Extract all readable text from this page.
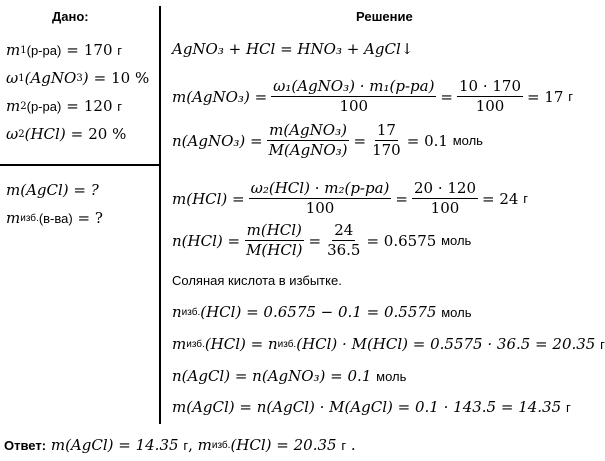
Дано:	Решение
m 1 (р-ра) = 170
г
ω 1 (AgNO 3 ) = 10
%
m 2 (р-ра) = 120
г
ω 2 (HCl) = 20
%
m(AgCl) = ?
m изб. (в-ва)
= ?
AgNO₃ + HCl = HNO₃ + AgCl↓
m(AgNO₃) = $\frac{\text{ω₁(AgNO₃) · m₁(р-ра)}}{100} = \frac{10 \cdot 170}{100} = 17$
г
n(AgNO₃) = $\frac{\text{m(AgNO₃)}}{\text{M(AgNO₃)}} = \frac{17}{170} = 0.1$
моль
$m(HCl) = \frac{\text{ω₂(HCl) · m₂(р-ра)}}{100} = \frac{20 \cdot 120}{100} = 24$
г
$n(HCl) = \frac{\text{m(HCl)}}{\text{M(HCl)}} = \frac{24}{36.5} = 0.6575$
моль
Соляная кислота в избытке.
n изб. (HCl) = 0.6575 − 0.1 = 0.5575
моль
m изб. (HCl) = n изб. (HCl) · M(HCl) = 0.5575 · 36.5 = 20.35
г
n(AgCl) = n(AgNO₃) = 0.1
моль
m(AgCl) = n(AgCl) · M(AgCl) = 0.1 · 143.5 = 14.35
г
Ответ:
m(AgCl) = 14.35
г ,
m изб. (HCl) = 20.35
г
.
